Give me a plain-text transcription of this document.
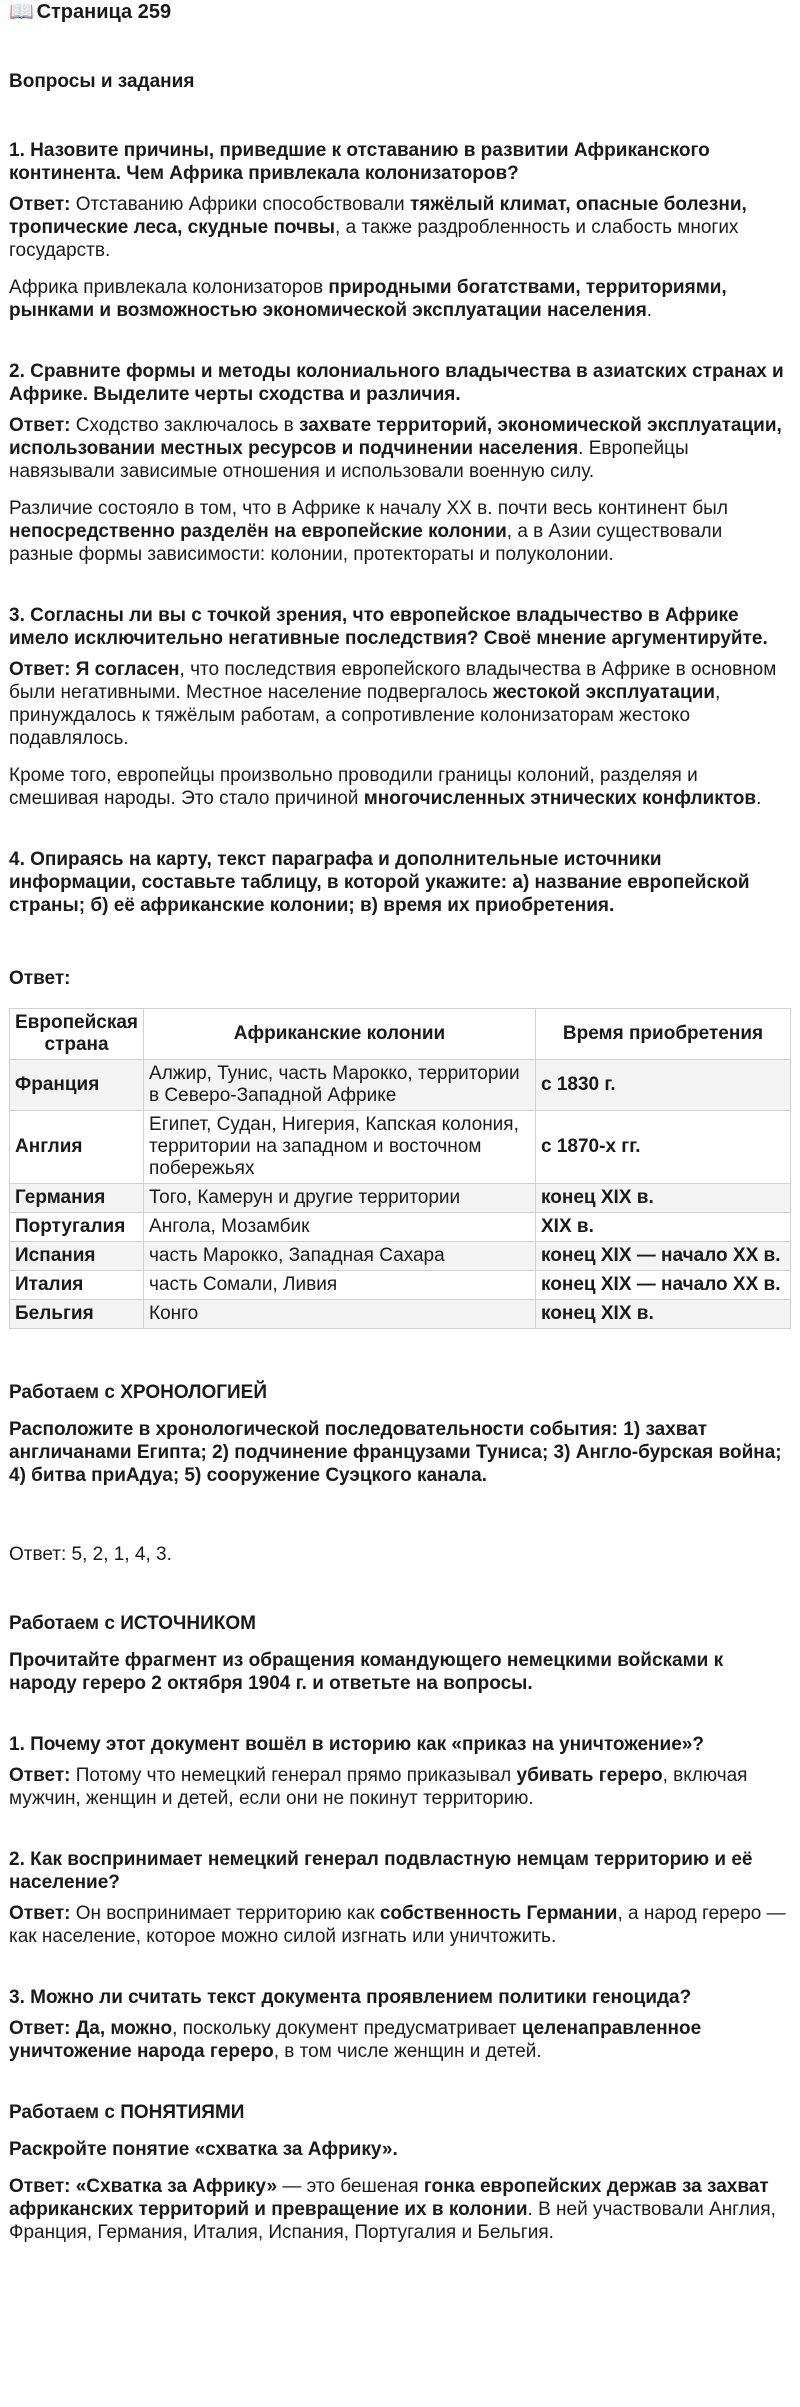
📖 Страница 259
Вопросы и задания
1. Назовите причины, приведшие к отставанию в развитии Африканского континента. Чем Африка привлекала колонизаторов?

Ответ: Отставанию Африки способствовали тяжёлый климат, опасные болезни, тропические леса, скудные почвы, а также раздробленность и слабость многих государств.

Африка привлекала колонизаторов природными богатствами, территориями, рынками и возможностью экономической эксплуатации населения.

2. Сравните формы и методы колониального владычества в азиатских странах и Африке. Выделите черты сходства и различия.

Ответ: Сходство заключалось в захвате территорий, экономической эксплуатации, использовании местных ресурсов и подчинении населения. Европейцы навязывали зависимые отношения и использовали военную силу.

Различие состояло в том, что в Африке к началу XX в. почти весь континент был непосредственно разделён на европейские колонии, а в Азии существовали разные формы зависимости: колонии, протектораты и полуколонии.

3. Согласны ли вы с точкой зрения, что европейское владычество в Африке имело исключительно негативные последствия? Своё мнение аргументируйте.

Ответ: Я согласен, что последствия европейского владычества в Африке в основном были негативными. Местное население подвергалось жестокой эксплуатации, принуждалось к тяжёлым работам, а сопротивление колонизаторам жестоко подавлялось.

Кроме того, европейцы произвольно проводили границы колоний, разделяя и смешивая народы. Это стало причиной многочисленных этнических конфликтов.

4. Опираясь на карту, текст параграфа и дополнительные источники информации, составьте таблицу, в которой укажите: а) название европейской страны; б) её африканские колонии; в) время их приобретения.
Ответ:
Европейская страна	Африканские колонии	Время приобретения
Франция	Алжир, Тунис, часть Марокко, территории в Северо-Западной Африке	с 1830 г.
Англия	Египет, Судан, Нигерия, Капская колония, территории на западном и восточном побережьях	с 1870-х гг.
Германия	Того, Камерун и другие территории	конец XIX в.
Португалия	Ангола, Мозамбик	XIX в.
Испания	часть Марокко, Западная Сахара	конец XIX — начало XX в.
Италия	часть Сомали, Ливия	конец XIX — начало XX в.
Бельгия	Конго	конец XIX в.
Работаем с ХРОНОЛОГИЕЙ

Расположите в хронологической последовательности события: 1) захват англичанами Египта; 2) подчинение французами Туниса; 3) Англо-бурская война; 4) битва приАдуа; 5) сооружение Суэцкого канала.

Ответ: 5, 2, 1, 4, 3.

Работаем с ИСТОЧНИКОМ

Прочитайте фрагмент из обращения командующего немецкими войсками к народу гереро 2 октября 1904 г. и ответьте на вопросы.

1. Почему этот документ вошёл в историю как «приказ на уничтожение»?

Ответ: Потому что немецкий генерал прямо приказывал убивать гереро, включая мужчин, женщин и детей, если они не покинут территорию.

2. Как воспринимает немецкий генерал подвластную немцам территорию и её население?

Ответ: Он воспринимает территорию как собственность Германии, а народ гереро — как население, которое можно силой изгнать или уничтожить.

3. Можно ли считать текст документа проявлением политики геноцида?

Ответ: Да, можно, поскольку документ предусматривает целенаправленное уничтожение народа гереро, в том числе женщин и детей.

Работаем с ПОНЯТИЯМИ

Раскройте понятие «схватка за Африку».

Ответ: «Схватка за Африку» — это бешеная гонка европейских держав за захват африканских территорий и превращение их в колонии. В ней участвовали Англия, Франция, Германия, Италия, Испания, Португалия и Бельгия.
